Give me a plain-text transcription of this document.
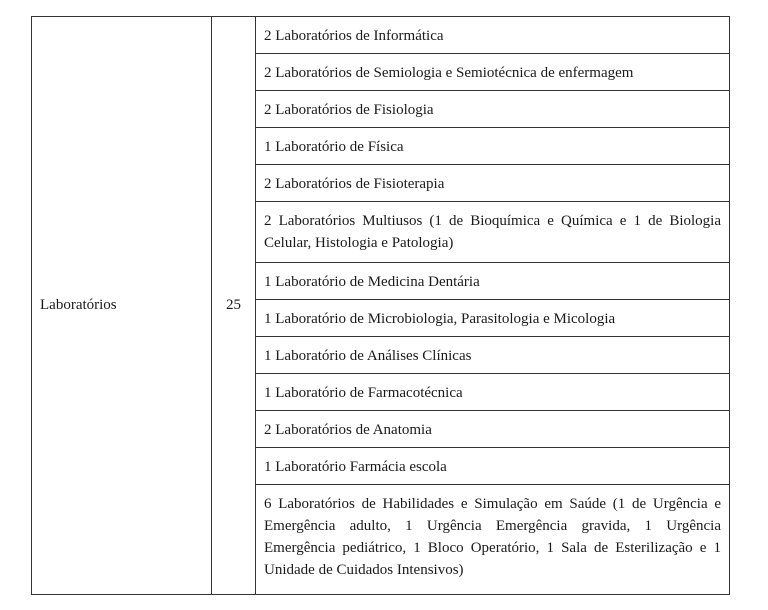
Laboratórios	25	2 Laboratórios de Informática
2 Laboratórios de Semiologia e Semiotécnica de enfermagem
2 Laboratórios de Fisiologia
1 Laboratório de Física
2 Laboratórios de Fisioterapia
2 Laboratórios Multiusos (1 de Bioquímica e Química e 1 de Biologia Celular, Histologia e Patologia)
1 Laboratório de Medicina Dentária
1 Laboratório de Microbiologia, Parasitologia e Micologia
1 Laboratório de Análises Clínicas
1 Laboratório de Farmacotécnica
2 Laboratórios de Anatomia
1 Laboratório Farmácia escola
6 Laboratórios de Habilidades e Simulação em Saúde (1 de Urgência e Emergência adulto, 1 Urgência Emergência gravida, 1 Urgência Emergência pediátrico, 1 Bloco Operatório, 1 Sala de Esterilização e 1 Unidade de Cuidados Intensivos)
